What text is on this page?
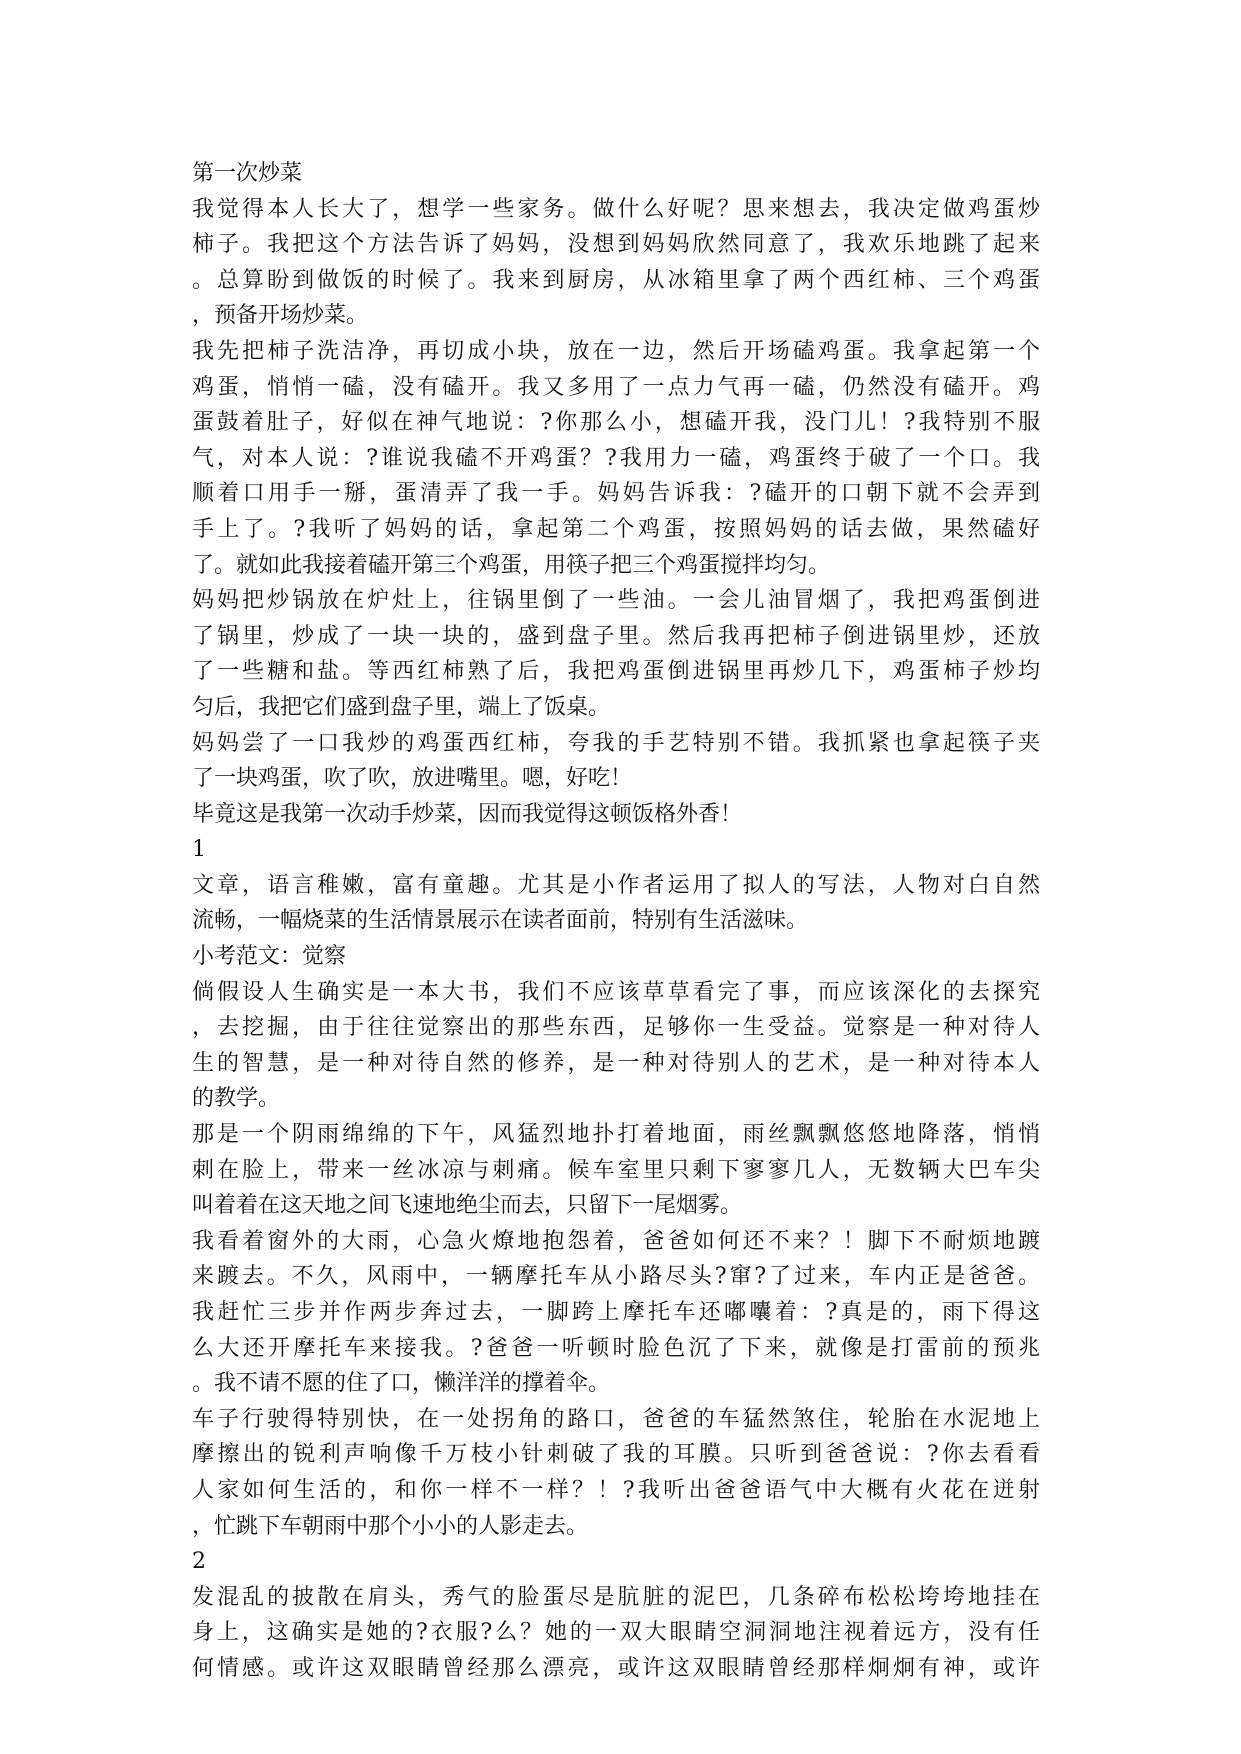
第一次炒菜
我觉得本人长大了，想学一些家务。做什么好呢？思来想去，我决定做鸡蛋炒
柿子。我把这个方法告诉了妈妈，没想到妈妈欣然同意了，我欢乐地跳了起来
。总算盼到做饭的时候了。我来到厨房，从冰箱里拿了两个西红柿、三个鸡蛋
，预备开场炒菜。
我先把柿子洗洁净，再切成小块，放在一边，然后开场磕鸡蛋。我拿起第一个
鸡蛋，悄悄一磕，没有磕开。我又多用了一点力气再一磕，仍然没有磕开。鸡
蛋鼓着肚子，好似在神气地说：?你那么小，想磕开我，没门儿！?我特别不服
气，对本人说：?谁说我磕不开鸡蛋？?我用力一磕，鸡蛋终于破了一个口。我
顺着口用手一掰，蛋清弄了我一手。妈妈告诉我：?磕开的口朝下就不会弄到
手上了。?我听了妈妈的话，拿起第二个鸡蛋，按照妈妈的话去做，果然磕好
了。就如此我接着磕开第三个鸡蛋，用筷子把三个鸡蛋搅拌均匀。
妈妈把炒锅放在炉灶上，往锅里倒了一些油。一会儿油冒烟了，我把鸡蛋倒进
了锅里，炒成了一块一块的，盛到盘子里。然后我再把柿子倒进锅里炒，还放
了一些糖和盐。等西红柿熟了后，我把鸡蛋倒进锅里再炒几下，鸡蛋柿子炒均
匀后，我把它们盛到盘子里，端上了饭桌。
妈妈尝了一口我炒的鸡蛋西红柿，夸我的手艺特别不错。我抓紧也拿起筷子夹
了一块鸡蛋，吹了吹，放进嘴里。嗯，好吃！
毕竟这是我第一次动手炒菜，因而我觉得这顿饭格外香！
1
文章，语言稚嫩，富有童趣。尤其是小作者运用了拟人的写法，人物对白自然
流畅，一幅烧菜的生活情景展示在读者面前，特别有生活滋味。
小考范文：觉察
倘假设人生确实是一本大书，我们不应该草草看完了事，而应该深化的去探究
，去挖掘，由于往往觉察出的那些东西，足够你一生受益。觉察是一种对待人
生的智慧，是一种对待自然的修养，是一种对待别人的艺术，是一种对待本人
的教学。
那是一个阴雨绵绵的下午，风猛烈地扑打着地面，雨丝飘飘悠悠地降落，悄悄
刺在脸上，带来一丝冰凉与刺痛。候车室里只剩下寥寥几人，无数辆大巴车尖
叫着着在这天地之间飞速地绝尘而去，只留下一尾烟雾。
我看着窗外的大雨，心急火燎地抱怨着，爸爸如何还不来？！脚下不耐烦地踱
来踱去。不久，风雨中，一辆摩托车从小路尽头?窜?了过来，车内正是爸爸。
我赶忙三步并作两步奔过去，一脚跨上摩托车还嘟囔着：?真是的，雨下得这
么大还开摩托车来接我。?爸爸一听顿时脸色沉了下来，就像是打雷前的预兆
。我不请不愿的住了口，懒洋洋的撑着伞。
车子行驶得特别快，在一处拐角的路口，爸爸的车猛然煞住，轮胎在水泥地上
摩擦出的锐利声响像千万枝小针刺破了我的耳膜。只听到爸爸说：?你去看看
人家如何生活的，和你一样不一样？！?我听出爸爸语气中大概有火花在迸射
，忙跳下车朝雨中那个小小的人影走去。
2
发混乱的披散在肩头，秀气的脸蛋尽是肮脏的泥巴，几条碎布松松垮垮地挂在
身上，这确实是她的?衣服?么？她的一双大眼睛空洞洞地注视着远方，没有任
何情感。或许这双眼睛曾经那么漂亮，或许这双眼睛曾经那样炯炯有神，或许
